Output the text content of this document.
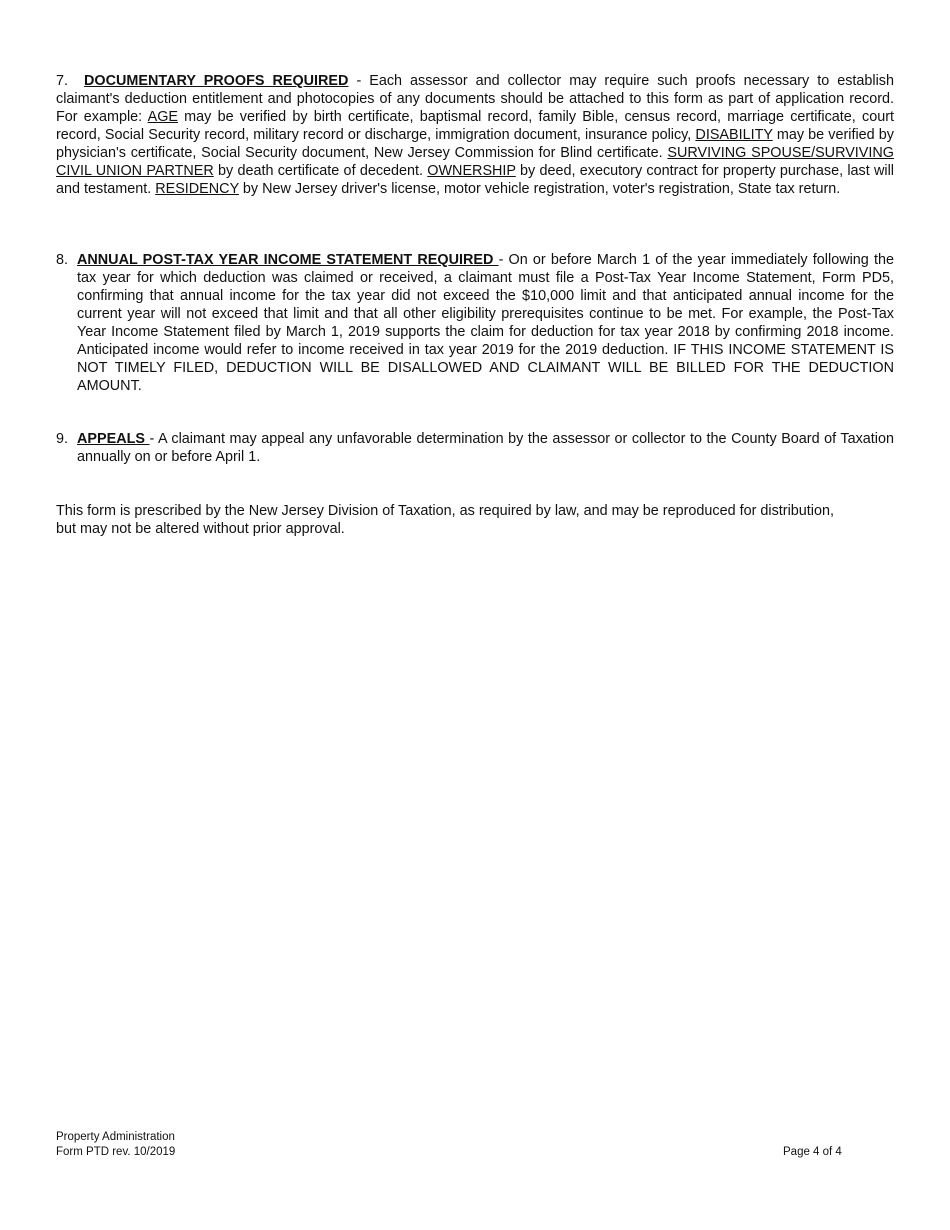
7. DOCUMENTARY PROOFS REQUIRED - Each assessor and collector may require such proofs necessary to establish claimant's deduction entitlement and photocopies of any documents should be attached to this form as part of application record. For example: AGE may be verified by birth certificate, baptismal record, family Bible, census record, marriage certificate, court record, Social Security record, military record or discharge, immigration document, insurance policy, DISABILITY may be verified by physician's certificate, Social Security document, New Jersey Commission for Blind certificate. SURVIVING SPOUSE/SURVIVING CIVIL UNION PARTNER by death certificate of decedent. OWNERSHIP by deed, executory contract for property purchase, last will and testament. RESIDENCY by New Jersey driver's license, motor vehicle registration, voter's registration, State tax return.

8. ANNUAL POST-TAX YEAR INCOME STATEMENT REQUIRED - On or before March 1 of the year immediately following the tax year for which deduction was claimed or received, a claimant must file a Post-Tax Year Income Statement, Form PD5, confirming that annual income for the tax year did not exceed the $10,000 limit and that anticipated annual income for the current year will not exceed that limit and that all other eligibility prerequisites continue to be met. For example, the Post-Tax Year Income Statement filed by March 1, 2019 supports the claim for deduction for tax year 2018 by confirming 2018 income. Anticipated income would refer to income received in tax year 2019 for the 2019 deduction. IF THIS INCOME STATEMENT IS NOT TIMELY FILED, DEDUCTION WILL BE DISALLOWED AND CLAIMANT WILL BE BILLED FOR THE DEDUCTION AMOUNT.

9. APPEALS - A claimant may appeal any unfavorable determination by the assessor or collector to the County Board of Taxation annually on or before April 1.

This form is prescribed by the New Jersey Division of Taxation, as required by law, and may be reproduced for distribution, but may not be altered without prior approval.

Property Administration
Form PTD rev. 10/2019	Page 4 of 4
